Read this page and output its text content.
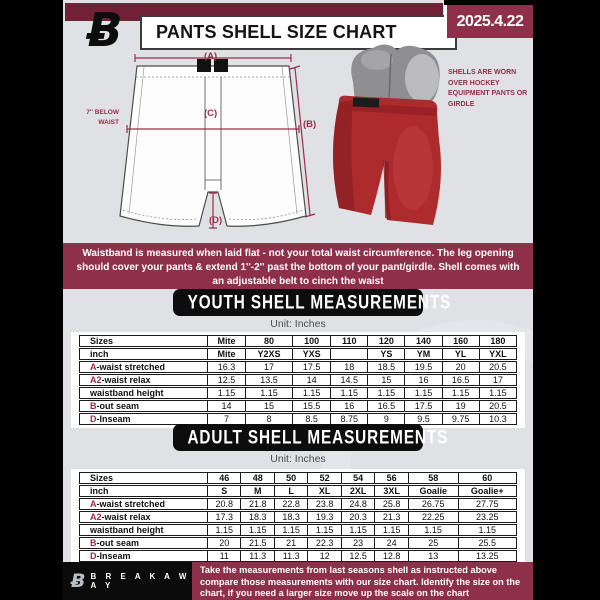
Ƀ	PANTS SHELL SIZE CHART
2025.4.22
(A)
(B)
(C)
(D)
7'' BELOW WAIST
SHELLS ARE WORN OVER HOCKEY EQUIPMENT PANTS OR GIRDLE
Waistband is measured when laid flat - not your total waist circumference. The leg opening should cover your pants & extend 1''-2'' past the bottom of your pant/girdle. Shell comes with an adjustable belt to cinch the waist
YOUTH SHELL MEASUREMENTS
Unit: Inches
Sizes	Mite	80	100	110	120	140	160	180
inch	Mite	Y2XS	YXS		YS	YM	YL	YXL
A-waist stretched	16.3	17	17.5	18	18.5	19.5	20	20.5
A2-waist relax	12.5	13.5	14	14.5	15	16	16.5	17
waistband height	1.15	1.15	1.15	1.15	1.15	1.15	1.15	1.15
B-out seam	14	15	15.5	16	16.5	17.5	19	20.5
D-Inseam	7	8	8.5	8.75	9	9.5	9.75	10.3
ADULT SHELL MEASUREMENTS
Unit: Inches
Sizes	46	48	50	52	54	56	58	60
inch	S	M	L	XL	2XL	3XL	Goalie	Goalie+
A-waist stretched	20.8	21.8	22.8	23.8	24.8	25.8	26.75	27.75
A2-waist relax	17.3	18.3	18.3	19.3	20.3	21.3	22.25	23.25
waistband height	1.15	1.15	1.15	1.15	1.15	1.15	1.15	1.15
B-out seam	20	21.5	21	22.3	23	24	25	25.5
D-Inseam	11	11.3	11.3	12	12.5	12.8	13	13.25
Ƀ B R E A K A W A Y
Take the measurements from last seasons shell as instructed above compare those measurements with our size chart. Identify the size on the chart, if you need a larger size move up the scale on the chart
